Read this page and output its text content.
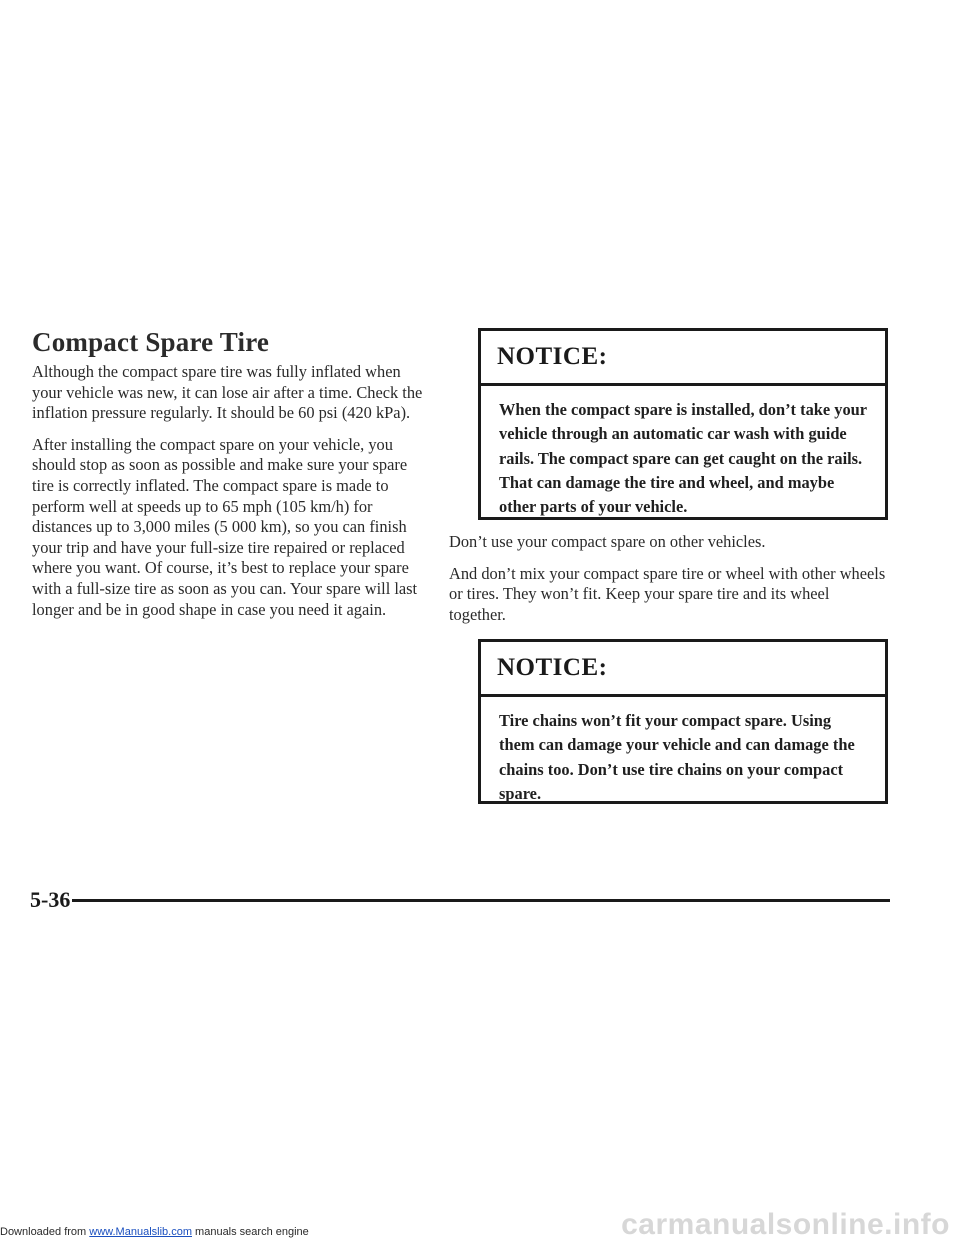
Compact Spare Tire

Although the compact spare tire was fully inflated when your vehicle was new, it can lose air after a time. Check the inflation pressure regularly. It should be 60 psi (420 kPa).

After installing the compact spare on your vehicle, you should stop as soon as possible and make sure your spare tire is correctly inflated. The compact spare is made to perform well at speeds up to 65 mph (105 km/h) for distances up to 3,000 miles (5 000 km), so you can finish your trip and have your full-size tire repaired or replaced where you want. Of course, it’s best to replace your spare with a full-size tire as soon as you can. Your spare will last longer and be in good shape in case you need it again.

NOTICE:
When the compact spare is installed, don’t take your vehicle through an automatic car wash with guide rails. The compact spare can get caught on the rails. That can damage the tire and wheel, and maybe other parts of your vehicle.

Don’t use your compact spare on other vehicles.

And don’t mix your compact spare tire or wheel with other wheels or tires. They won’t fit. Keep your spare tire and its wheel together.

NOTICE:
Tire chains won’t fit your compact spare. Using them can damage your vehicle and can damage the chains too. Don’t use tire chains on your compact spare.
5-36
Downloaded from www.Manualslib.com manuals search engine	carmanualsonline.info
